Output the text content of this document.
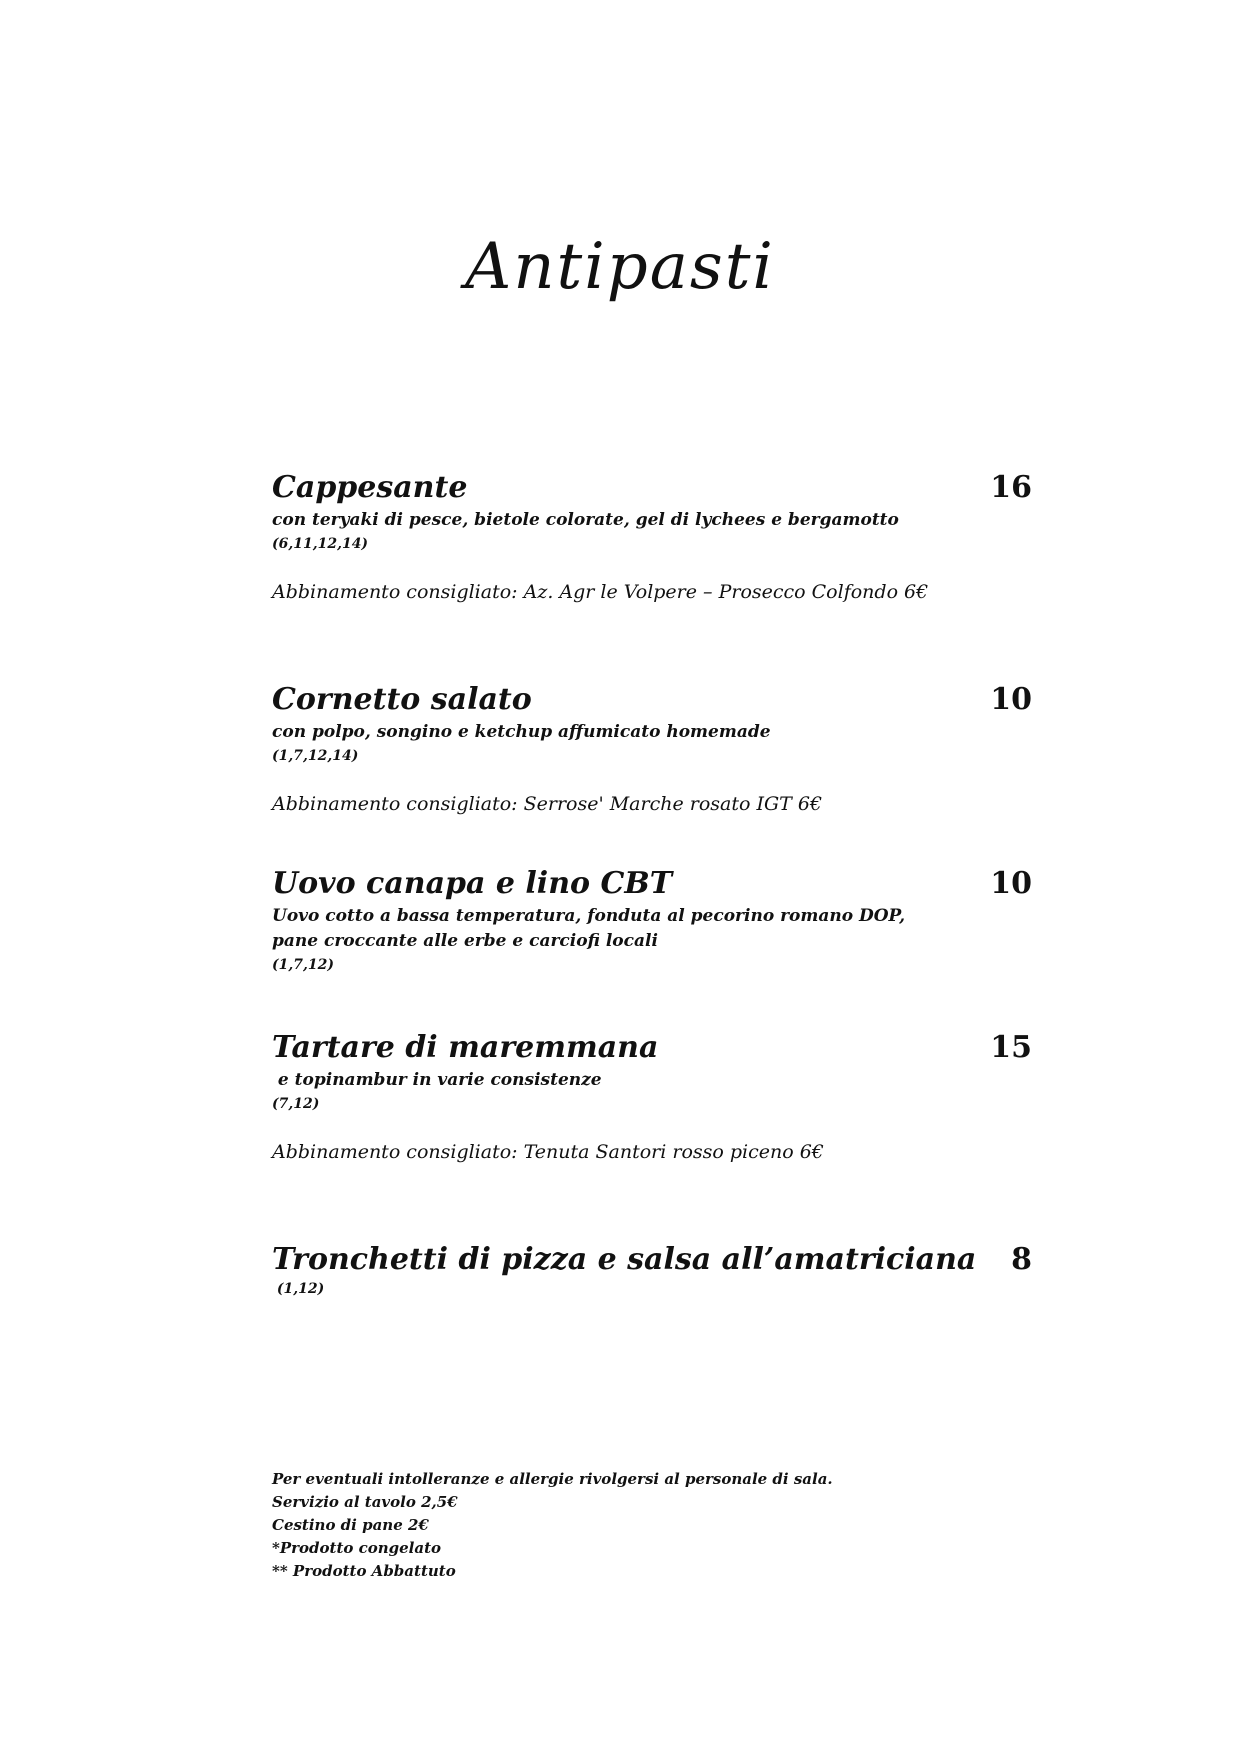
Antipasti
Cappesante	16
con teryaki di pesce, bietole colorate, gel di lychees e bergamotto
(6,11,12,14)
Abbinamento consigliato: Az. Agr le Volpere – Prosecco Colfondo 6€
Cornetto salato	10
con polpo, songino e ketchup affumicato homemade
(1,7,12,14)
Abbinamento consigliato: Serrose' Marche rosato IGT 6€
Uovo canapa e lino CBT	10
Uovo cotto a bassa temperatura, fonduta al pecorino romano DOP,
pane croccante alle erbe e carciofi locali
(1,7,12)
Tartare di maremmana	15
e topinambur in varie consistenze
(7,12)
Abbinamento consigliato: Tenuta Santori rosso piceno 6€
Tronchetti di pizza e salsa all’amatriciana	8
(1,12)
Per eventuali intolleranze e allergie rivolgersi al personale di sala.
Servizio al tavolo 2,5€
Cestino di pane 2€
*Prodotto congelato
** Prodotto Abbattuto
